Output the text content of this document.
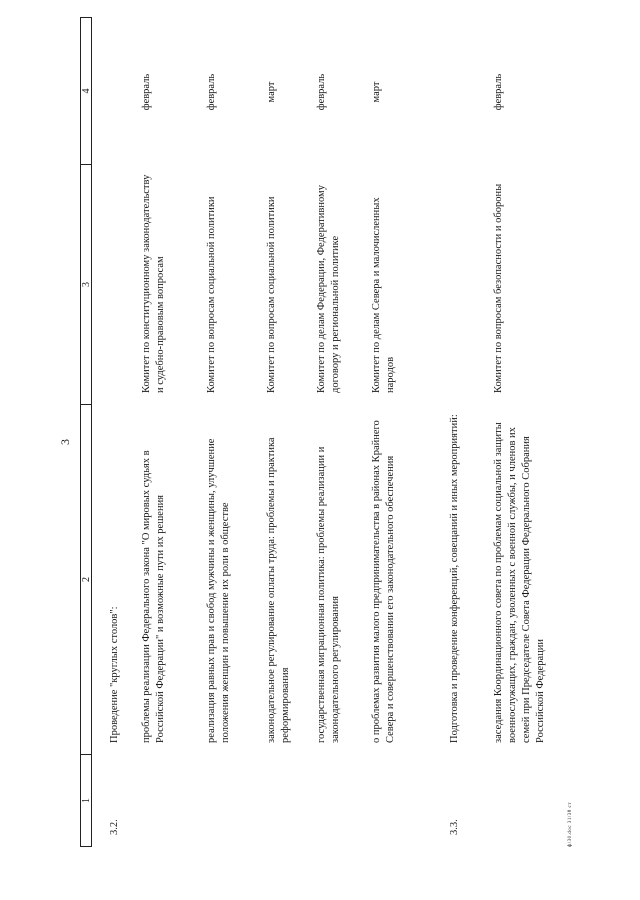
3
1
2
3
4
3.2.
Проведение "круглых столов": проблемы реализации Федерального закона "О мировых судьях в Российской Федерации" и возможные пути их решения
Комитет по конституционному законодательству и судебно-правовым вопросам
февраль
реализация равных прав и свобод мужчины и женщины, улучшение положения женщин и повышение их роли в обществе
Комитет по вопросам социальной политики
февраль
законодательное регулирование оплаты труда: проблемы и практика реформирования
Комитет по вопросам социальной политики
март
государственная миграционная политика: проблемы реализации и законодательного регулирования
Комитет по делам Федерации, Федеративному договору и региональной политике
февраль
о проблемах развития малого предпринимательства в районах Крайнего Севера и совершенствовании его законодательного обеспечения
Комитет по делам Севера и малочисленных народов
март
3.3.
Подготовка и проведение конференций, совещаний и иных мероприятий:	заседания Координационного совета по проблемам социальной защиты военнослужащих, граждан, уволенных с военной службы, и членов их семей при Председателе Совета Федерации Федерального Собрания Российской Федерации
Комитет по вопросам безопасности и обороны
февраль
ф/30.doc 31/38 ст
